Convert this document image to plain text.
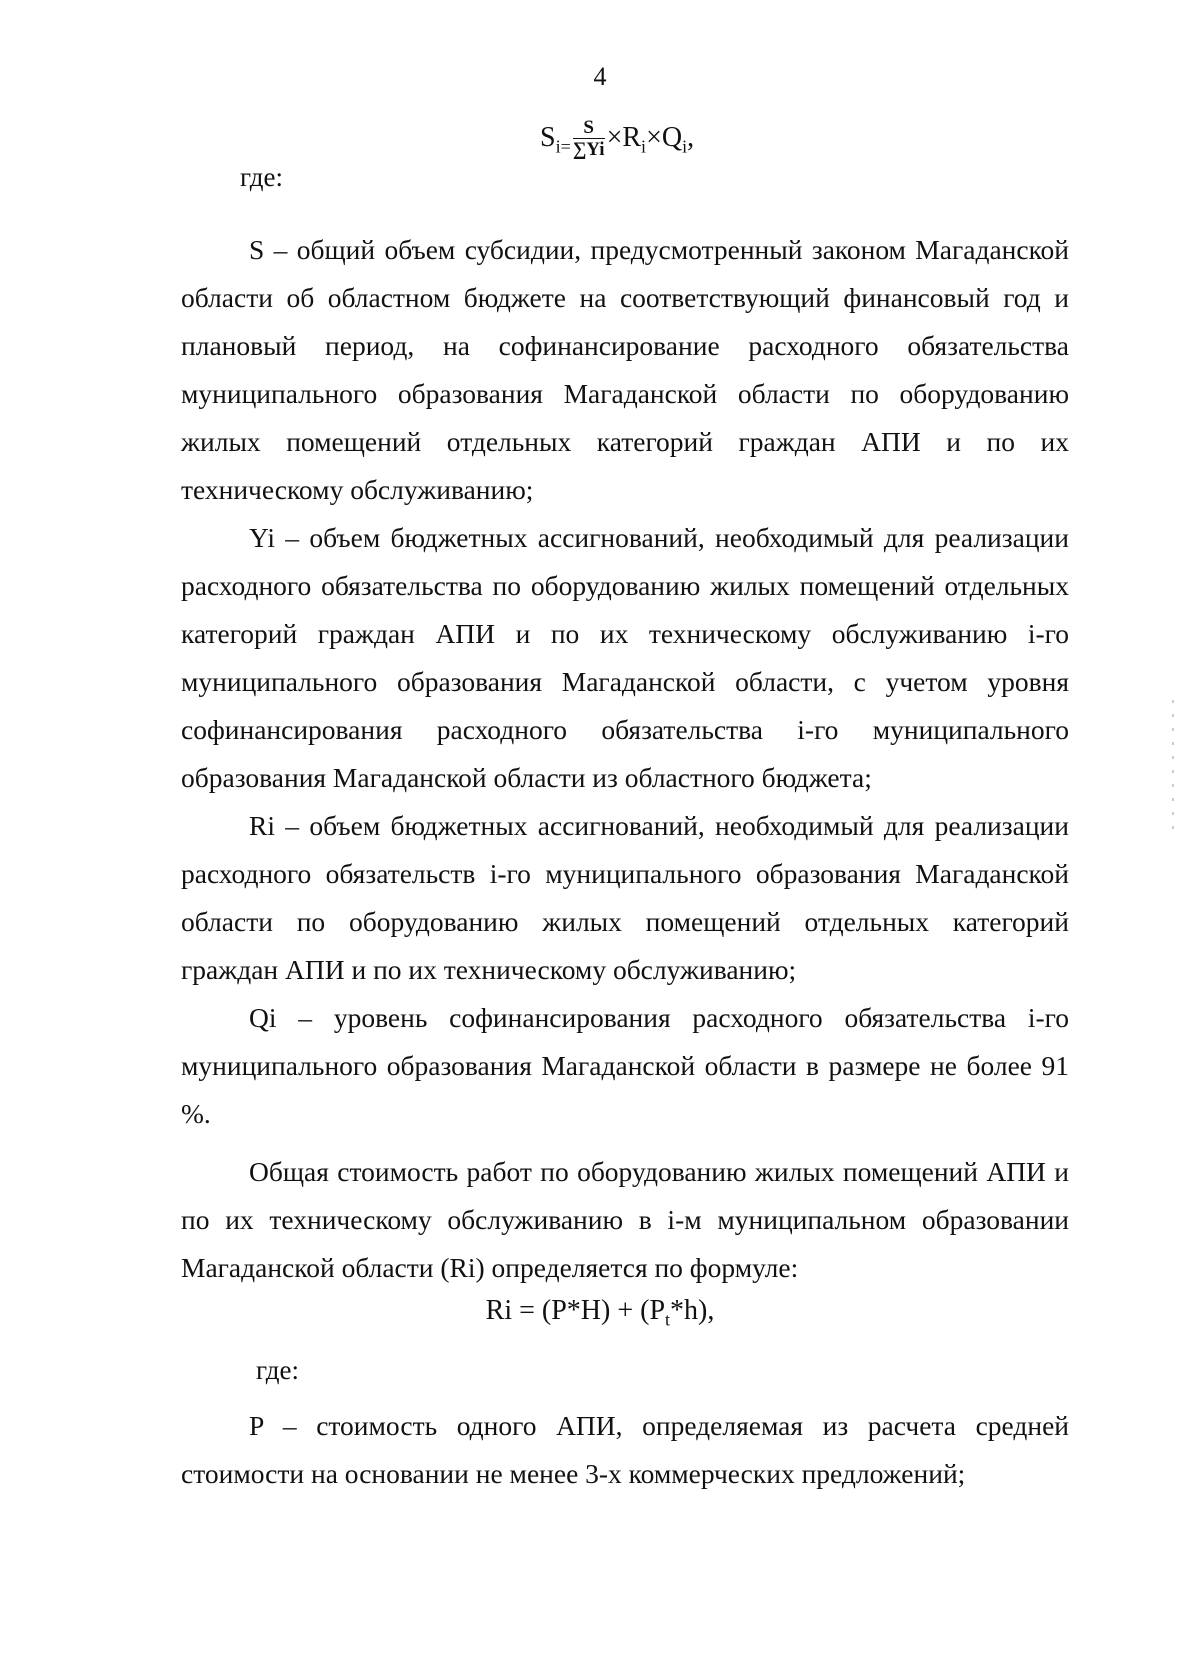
4
$S_{i=} \frac{S}{\sum Yi} \times R_i\times Q_i$,
где:

S – общий объем субсидии, предусмотренный законом Магаданской области об областном бюджете на соответствующий финансовый год и плановый период, на софинансирование расходного обязательства муниципального образования Магаданской области по оборудованию жилых помещений отдельных категорий граждан АПИ и по их техническому обслуживанию;

Yi – объем бюджетных ассигнований, необходимый для реализации расходного обязательства по оборудованию жилых помещений отдельных категорий граждан АПИ и по их техническому обслуживанию i-го муниципального образования Магаданской области, с учетом уровня софинансирования расходного обязательства i-го муниципального образования Магаданской области из областного бюджета;

Ri – объем бюджетных ассигнований, необходимый для реализации расходного обязательств i-го муниципального образования Магаданской области по оборудованию жилых помещений отдельных категорий граждан АПИ и по их техническому обслуживанию;

Qi – уровень софинансирования расходного обязательства i-го муниципального образования Магаданской области в размере не более 91 %.

Общая стоимость работ по оборудованию жилых помещений АПИ и по их техническому обслуживанию в i-м муниципальном образовании Магаданской области (Ri) определяется по формуле:

$Ri = (P*H) + (P_t*h)$,
где:

P – стоимость одного АПИ, определяемая из расчета средней стоимости на основании не менее 3-х коммерческих предложений;
